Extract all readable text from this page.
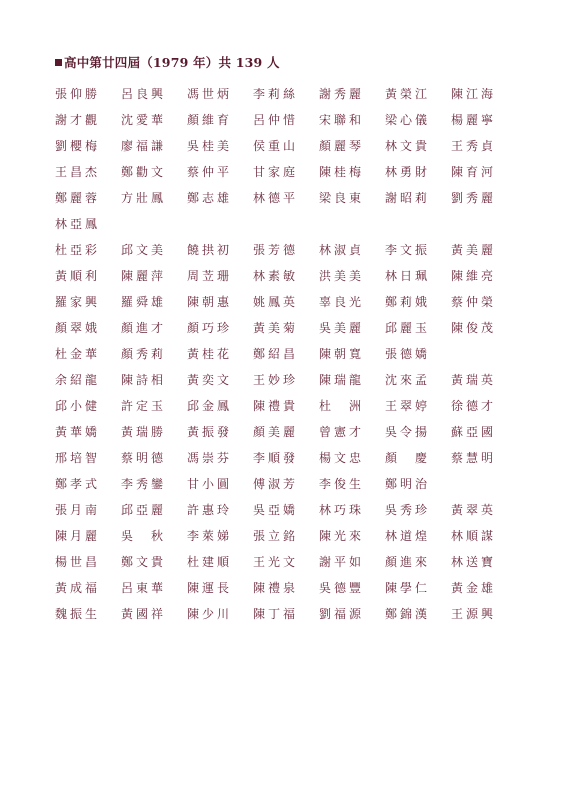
高中第廿四屆（1979 年）共 139 人
張仰勝	呂良興	馮世炳	李莉絲	謝秀麗	黃榮江	陳江海
謝才觀	沈愛華	顏維育	呂仲惜	宋聯和	梁心儀	楊麗寧
劉櫻梅	廖福謙	吳桂美	侯重山	顏麗琴	林文貴	王秀貞
王昌杰	鄭勸文	蔡仲平	甘家庭	陳桂梅	林勇財	陳育河
鄭麗蓉	方壯鳳	鄭志雄	林德平	梁良東	謝昭莉	劉秀麗
林亞鳳
杜亞彩	邱文美	饒拱初	張芳德	林淑貞	李文振	黃美麗
黃順利	陳麗萍	周苙珊	林素敏	洪美美	林日珮	陳維亮
羅家興	羅舜雄	陳朝惠	姚鳳英	辜良光	鄭莉娥	蔡仲榮
顏翠娥	顏進才	顏巧珍	黃美菊	吳美麗	邱麗玉	陳俊茂
杜金華	顏秀莉	黃桂花	鄭紹昌	陳朝寬	張德嬌
余紹龍	陳詩相	黃奕文	王妙珍	陳瑞龍	沈來孟	黃瑞英
邱小健	許定玉	邱金鳳	陳禮貴	杜　洲	王翠婷	徐德才
黃華嬌	黃瑞勝	黃振發	顏美麗	曾憲才	吳令揚	蘇亞國
邢培智	蔡明德	馮崇芬	李順發	楊文忠	顏　慶	蔡慧明
鄭孝式	李秀鑾	甘小圓	傅淑芳	李俊生	鄭明治
張月南	邱亞麗	許惠玲	吳亞嬌	林巧珠	吳秀珍	黃翠英
陳月麗	吳　秋	李萊娣	張立銘	陳光來	林道煌	林順謀
楊世昌	鄭文貴	杜建順	王光文	謝平如	顏進來	林送寶
黃成福	呂東華	陳運長	陳禮泉	吳德豐	陳學仁	黃金雄
魏振生	黃國祥	陳少川	陳丁福	劉福源	鄭錦漢	王源興
